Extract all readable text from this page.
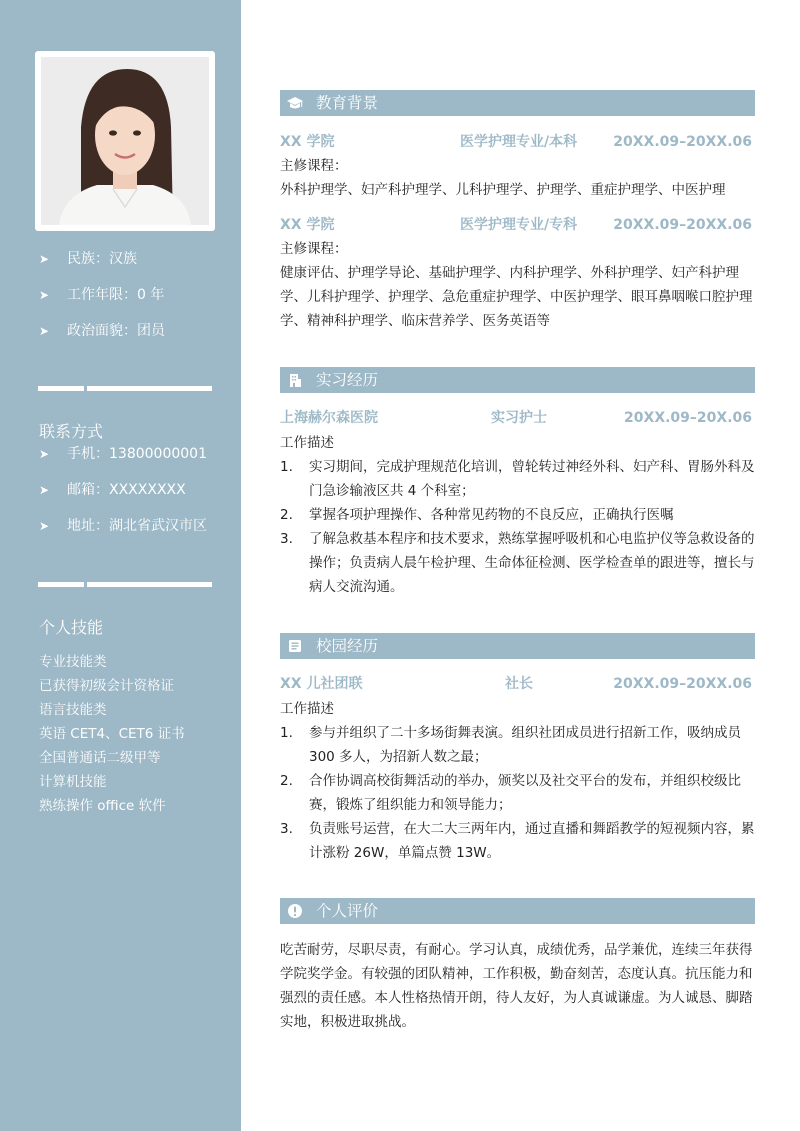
➤ 民族：汉族
➤ 工作年限：0 年
➤ 政治面貌：团员
联系方式
➤ 手机：13800000001
➤ 邮箱：XXXXXXXX
➤ 地址：湖北省武汉市区
个人技能
专业技能类
已获得初级会计资格证
语言技能类
英语 CET4、CET6 证书
全国普通话二级甲等
计算机技能
熟练操作 office 软件
教育背景
XX 学院	医学护理专业/本科	20XX.09–20XX.06
主修课程：
外科护理学、妇产科护理学、儿科护理学、护理学、重症护理学、中医护理
XX 学院	医学护理专业/专科	20XX.09–20XX.06
主修课程：
健康评估、护理学导论、基础护理学、内科护理学、外科护理学、妇产科护理学、儿科护理学、护理学、急危重症护理学、中医护理学、眼耳鼻咽喉口腔护理学、精神科护理学、临床营养学、医务英语等
实习经历
上海赫尔森医院	实习护士	20XX.09–20X.06
工作描述
1. 实习期间，完成护理规范化培训，曾轮转过神经外科、妇产科、胃肠外科及门急诊输液区共 4 个科室；
2. 掌握各项护理操作、各种常见药物的不良反应，正确执行医嘱
3. 了解急救基本程序和技术要求，熟练掌握呼吸机和心电监护仪等急救设备的操作；负责病人晨午检护理、生命体征检测、医学检查单的跟进等，擅长与病人交流沟通。
校园经历
XX 儿社团联	社长	20XX.09–20XX.06
工作描述
1. 参与并组织了二十多场街舞表演。组织社团成员进行招新工作，吸纳成员 300 多人，为招新人数之最；
2. 合作协调高校街舞活动的举办，颁奖以及社交平台的发布，并组织校级比赛，锻炼了组织能力和领导能力；
3. 负责账号运营，在大二大三两年内，通过直播和舞蹈教学的短视频内容，累计涨粉 26W，单篇点赞 13W。
个人评价
吃苦耐劳，尽职尽责，有耐心。学习认真，成绩优秀，品学兼优，连续三年获得学院奖学金。有较强的团队精神，工作积极，勤奋刻苦，态度认真。抗压能力和强烈的责任感。本人性格热情开朗，待人友好，为人真诚谦虚。为人诚恳、脚踏实地，积极进取挑战。
